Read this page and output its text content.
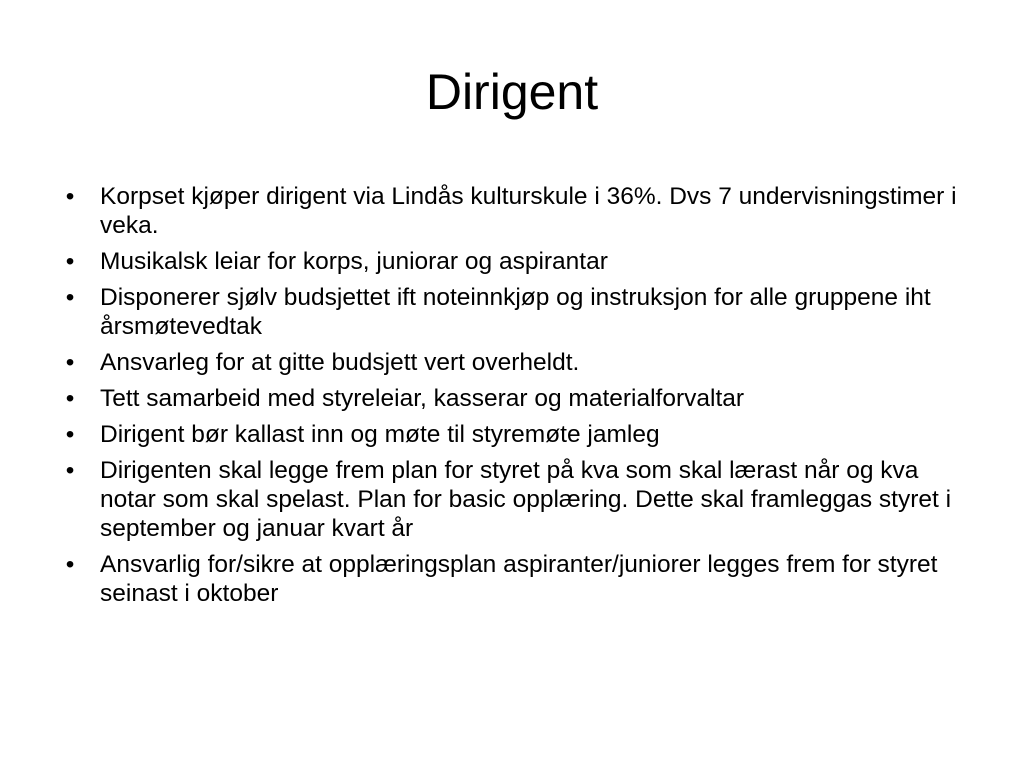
Dirigent
• Korpset kjøper dirigent via Lindås kulturskule i 36%. Dvs 7 undervisningstimer i veka.
• Musikalsk leiar for korps, juniorar og aspirantar
• Disponerer sjølv budsjettet ift noteinnkjøp og instruksjon for alle gruppene iht årsmøtevedtak
• Ansvarleg for at gitte budsjett vert overheldt.
• Tett samarbeid med styreleiar, kasserar og materialforvaltar
• Dirigent bør kallast inn og møte til styremøte jamleg
• Dirigenten skal legge frem plan for styret på kva som skal lærast når og kva notar som skal spelast. Plan for basic opplæring. Dette skal framleggas styret i september og januar kvart år
• Ansvarlig for/sikre at opplæringsplan aspiranter/juniorer legges frem for styret seinast i oktober
